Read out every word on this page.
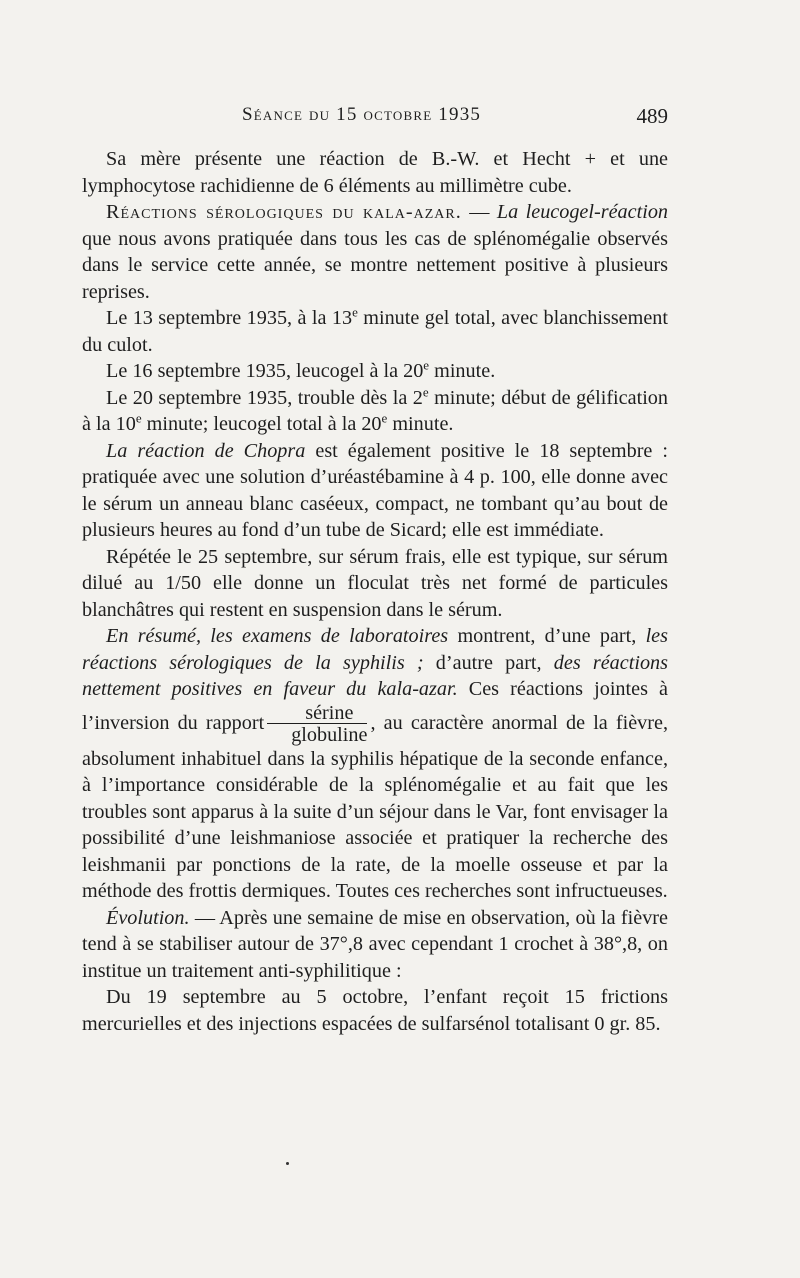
Séance du 15 octobre 1935	489

Sa mère présente une réaction de B.-W. et Hecht + et une lymphocytose rachidienne de 6 éléments au millimètre cube.

Réactions sérologiques du kala-azar. — La leucogel-réaction que nous avons pratiquée dans tous les cas de splénomégalie observés dans le service cette année, se montre nettement positive à plusieurs reprises.

Le 13 septembre 1935, à la 13e minute gel total, avec blanchissement du culot.

Le 16 septembre 1935, leucogel à la 20e minute.

Le 20 septembre 1935, trouble dès la 2e minute; début de gélification à la 10e minute; leucogel total à la 20e minute.

La réaction de Chopra est également positive le 18 septembre : pratiquée avec une solution d’uréastébamine à 4 p. 100, elle donne avec le sérum un anneau blanc caséeux, compact, ne tombant qu’au bout de plusieurs heures au fond d’un tube de Sicard; elle est immédiate.

Répétée le 25 septembre, sur sérum frais, elle est typique, sur sérum dilué au 1/50 elle donne un floculat très net formé de particules blanchâtres qui restent en suspension dans le sérum.

En résumé, les examens de laboratoires montrent, d’une part, les réactions sérologiques de la syphilis ; d’autre part, des réactions nettement positives en faveur du kala-azar. Ces réactions jointes à l’inversion du rapport $\frac{\text{sérine}}{\text{globuline}}$ , au caractère anormal de la fièvre, absolument inhabituel dans la syphilis hépatique de la seconde enfance, à l’importance considérable de la splénomégalie et au fait que les troubles sont apparus à la suite d’un séjour dans le Var, font envisager la possibilité d’une leishmaniose associée et pratiquer la recherche des leishmanii par ponctions de la rate, de la moelle osseuse et par la méthode des frottis dermiques. Toutes ces recherches sont infructueuses.

Évolution. — Après une semaine de mise en observation, où la fièvre tend à se stabiliser autour de 37°,8 avec cependant 1 crochet à 38°,8, on institue un traitement anti-syphilitique :

Du 19 septembre au 5 octobre, l’enfant reçoit 15 frictions mercurielles et des injections espacées de sulfarsénol totalisant 0 gr. 85.
